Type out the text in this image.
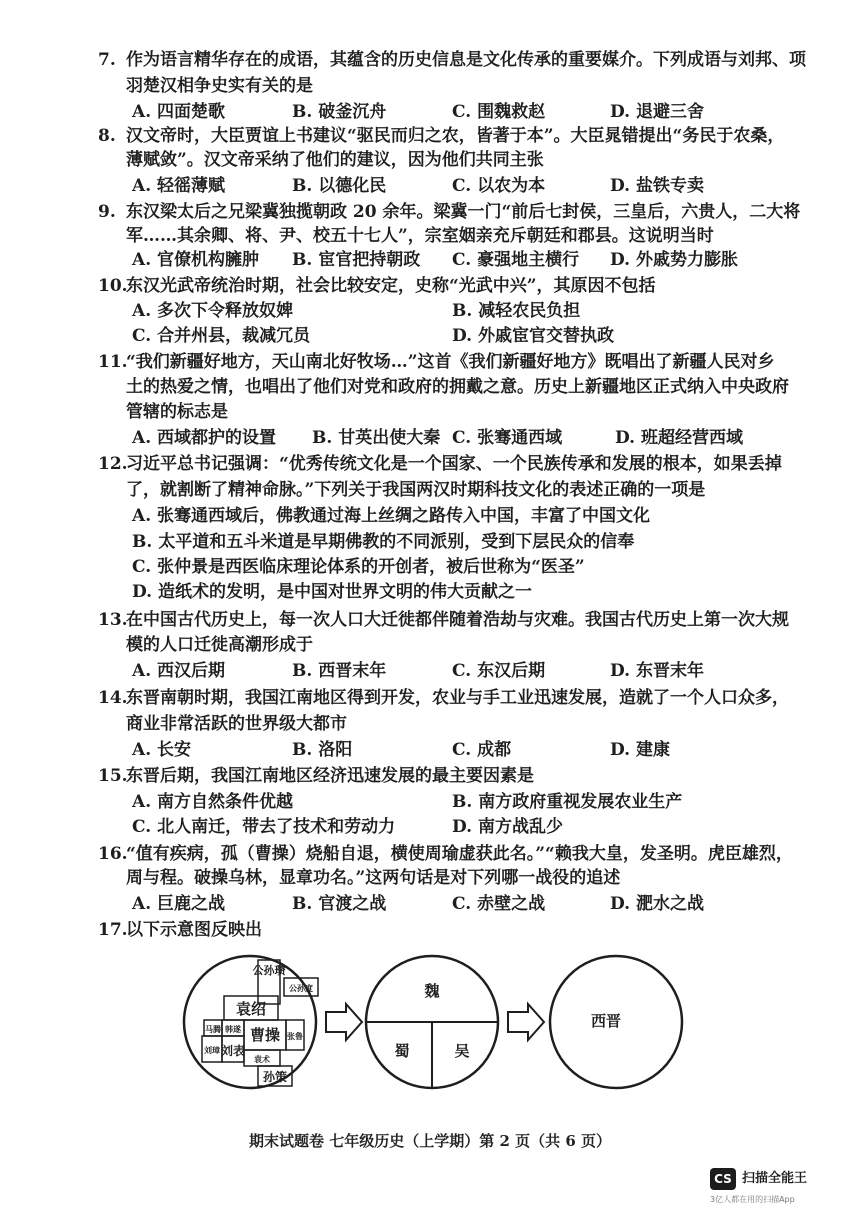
7. 作为语言精华存在的成语，其蕴含的历史信息是文化传承的重要媒介。下列成语与刘邦、项
羽楚汉相争史实有关的是
A. 四面楚歌	B. 破釜沉舟	C. 围魏救赵	D. 退避三舍
8. 汉文帝时，大臣贾谊上书建议“驱民而归之农，皆著于本”。大臣晁错提出“务民于农桑，
薄赋敛”。汉文帝采纳了他们的建议，因为他们共同主张
A. 轻徭薄赋	B. 以德化民	C. 以农为本	D. 盐铁专卖
9. 东汉梁太后之兄梁冀独揽朝政 20 余年。梁冀一门“前后七封侯，三皇后，六贵人，二大将
军……其余卿、将、尹、校五十七人”，宗室姻亲充斥朝廷和郡县。这说明当时
A. 官僚机构臃肿 B. 宦官把持朝政 C. 豪强地主横行 D. 外戚势力膨胀
10.
东汉光武帝统治时期，社会比较安定，史称“光武中兴”，其原因不包括
A. 多次下令释放奴婢	B. 减轻农民负担
C. 合并州县，裁减冗员	D. 外戚宦官交替执政
11.
“我们新疆好地方，天山南北好牧场…”这首《我们新疆好地方》既唱出了新疆人民对乡
土的热爱之情，也唱出了他们对党和政府的拥戴之意。历史上新疆地区正式纳入中央政府
管辖的标志是
A. 西域都护的设置 B. 甘英出使大秦 C. 张骞通西域	D. 班超经营西域
12.
习近平总书记强调：“优秀传统文化是一个国家、一个民族传承和发展的根本，如果丢掉
了，就割断了精神命脉。”下列关于我国两汉时期科技文化的表述正确的一项是
A. 张骞通西域后，佛教通过海上丝绸之路传入中国，丰富了中国文化
B. 太平道和五斗米道是早期佛教的不同派别，受到下层民众的信奉
C. 张仲景是西医临床理论体系的开创者，被后世称为“医圣”
D. 造纸术的发明，是中国对世界文明的伟大贡献之一
13.
在中国古代历史上，每一次人口大迁徙都伴随着浩劫与灾难。我国古代历史上第一次大规
模的人口迁徙高潮形成于
A. 西汉后期	B. 西晋末年	C. 东汉后期	D. 东晋末年
14.
东晋南朝时期，我国江南地区得到开发，农业与手工业迅速发展，造就了一个人口众多，
商业非常活跃的世界级大都市
A. 长安	B. 洛阳	C. 成都	D. 建康
15.
东晋后期，我国江南地区经济迅速发展的最主要因素是
A. 南方自然条件优越	B. 南方政府重视发展农业生产
C. 北人南迁，带去了技术和劳动力	D. 南方战乱少
16.
“值有疾病，孤（曹操）烧船自退，横使周瑜虚获此名。”“赖我大皇，发圣明。虎臣雄烈，
周与程。破操乌林，显章功名。”这两句话是对下列哪一战役的追述
A. 巨鹿之战	B. 官渡之战	C. 赤壁之战	D. 淝水之战
17.
以下示意图反映出
公孙瓒
公孙度
袁绍
马腾 韩遂 曹操
刘璋 刘表
张鲁
孙策
袁术
魏
蜀	吴
西晋
期末试题卷 七年级历史（上学期）第 2 页（共 6 页）
CS 扫描全能王
3亿人都在用的扫描App
